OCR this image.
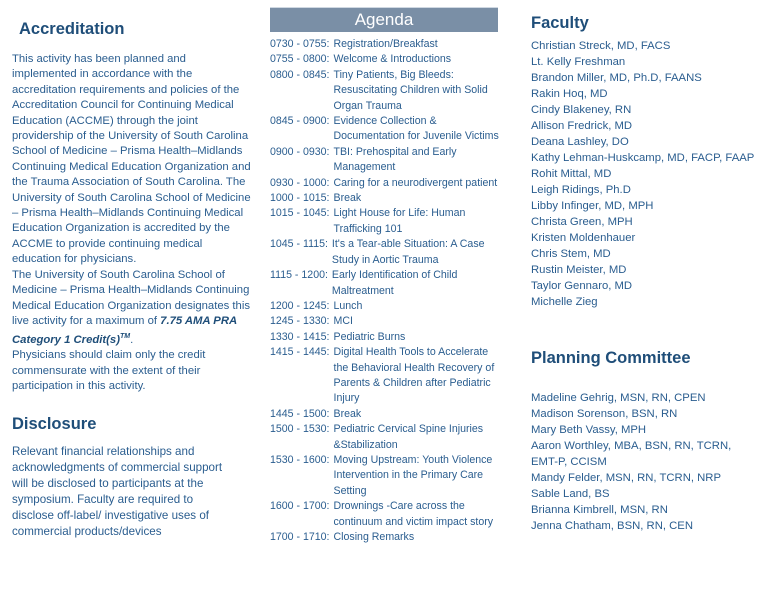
Accreditation
This activity has been planned and implemented in accordance with the accreditation requirements and policies of the Accreditation Council for Continuing Medical Education (ACCME) through the joint providership of the University of South Carolina School of Medicine – Prisma Health–Midlands Continuing Medical Education Organization and the Trauma Association of South Carolina. The University of South Carolina School of Medicine – Prisma Health–Midlands Continuing Medical Education Organization is accredited by the ACCME to provide continuing medical education for physicians.
The University of South Carolina School of Medicine – Prisma Health–Midlands Continuing Medical Education Organization designates this live activity for a maximum of 7.75 AMA PRA Category 1 Credit(s)™.
Physicians should claim only the credit commensurate with the extent of their participation in this activity.
Disclosure
Relevant financial relationships and acknowledgments of commercial support will be disclosed to participants at the symposium. Faculty are required to disclose off-label/ investigative uses of commercial products/devices
Agenda
0730 - 0755: Registration/Breakfast
0755 - 0800: Welcome & Introductions
0800 - 0845: Tiny Patients, Big Bleeds: Resuscitating Children with Solid Organ Trauma
0845 - 0900: Evidence Collection & Documentation for Juvenile Victims
0900 - 0930: TBI: Prehospital and Early Management
0930 - 1000: Caring for a neurodivergent patient
1000 - 1015: Break
1015 - 1045: Light House for Life: Human Trafficking 101
1045 - 1115: It's a Tear-able Situation: A Case Study in Aortic Trauma
1115 - 1200: Early Identification of Child Maltreatment
1200 - 1245: Lunch
1245 - 1330: MCI
1330 - 1415: Pediatric Burns
1415 - 1445: Digital Health Tools to Accelerate the Behavioral Health Recovery of Parents & Children after Pediatric Injury
1445 - 1500: Break
1500 - 1530: Pediatric Cervical Spine Injuries &Stabilization
1530 - 1600: Moving Upstream: Youth Violence Intervention in the Primary Care Setting
1600 - 1700: Drownings -Care across the continuum and victim impact story
1700 - 1710: Closing Remarks
Faculty
Christian Streck, MD, FACS
Lt. Kelly Freshman
Brandon Miller, MD, Ph.D, FAANS
Rakin Hoq, MD
Cindy Blakeney, RN
Allison Fredrick, MD
Deana Lashley, DO
Kathy Lehman-Huskcamp, MD, FACP, FAAP
Rohit Mittal, MD
Leigh Ridings, Ph.D
Libby Infinger, MD, MPH
Christa Green, MPH
Kristen Moldenhauer
Chris Stem, MD
Rustin Meister, MD
Taylor Gennaro, MD
Michelle Zieg
Planning Committee
Madeline Gehrig, MSN, RN, CPEN
Madison Sorenson, BSN, RN
Mary Beth Vassy, MPH
Aaron Worthley, MBA, BSN, RN, TCRN, EMT-P, CCISM
Mandy Felder, MSN, RN, TCRN, NRP
Sable Land, BS
Brianna Kimbrell, MSN, RN
Jenna Chatham, BSN, RN, CEN
